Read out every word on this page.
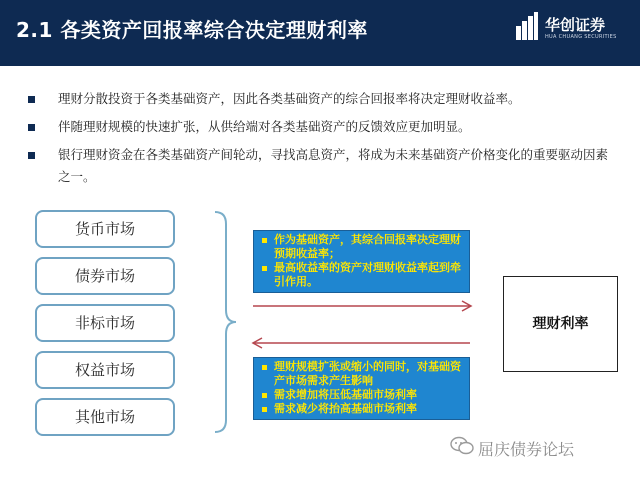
2.1 各类资产回报率综合决定理财利率	华创证券
HUA CHUANG SECURITIES
理财分散投资于各类基础资产，因此各类基础资产的综合回报率将决定理财收益率。
伴随理财规模的快速扩张，从供给端对各类基础资产的反馈效应更加明显。
银行理财资金在各类基础资产间轮动，寻找高息资产，将成为未来基础资产价格变化的重要驱动因素之一。
货币市场
债券市场
非标市场
权益市场
其他市场
作为基础资产，其综合回报率决定理财预期收益率；
最高收益率的资产对理财收益率起到牵引作用。
理财规模扩张或缩小的同时，对基础资产市场需求产生影响
需求增加将压低基础市场利率
需求减少将抬高基础市场利率
理财利率
屈庆债券论坛
